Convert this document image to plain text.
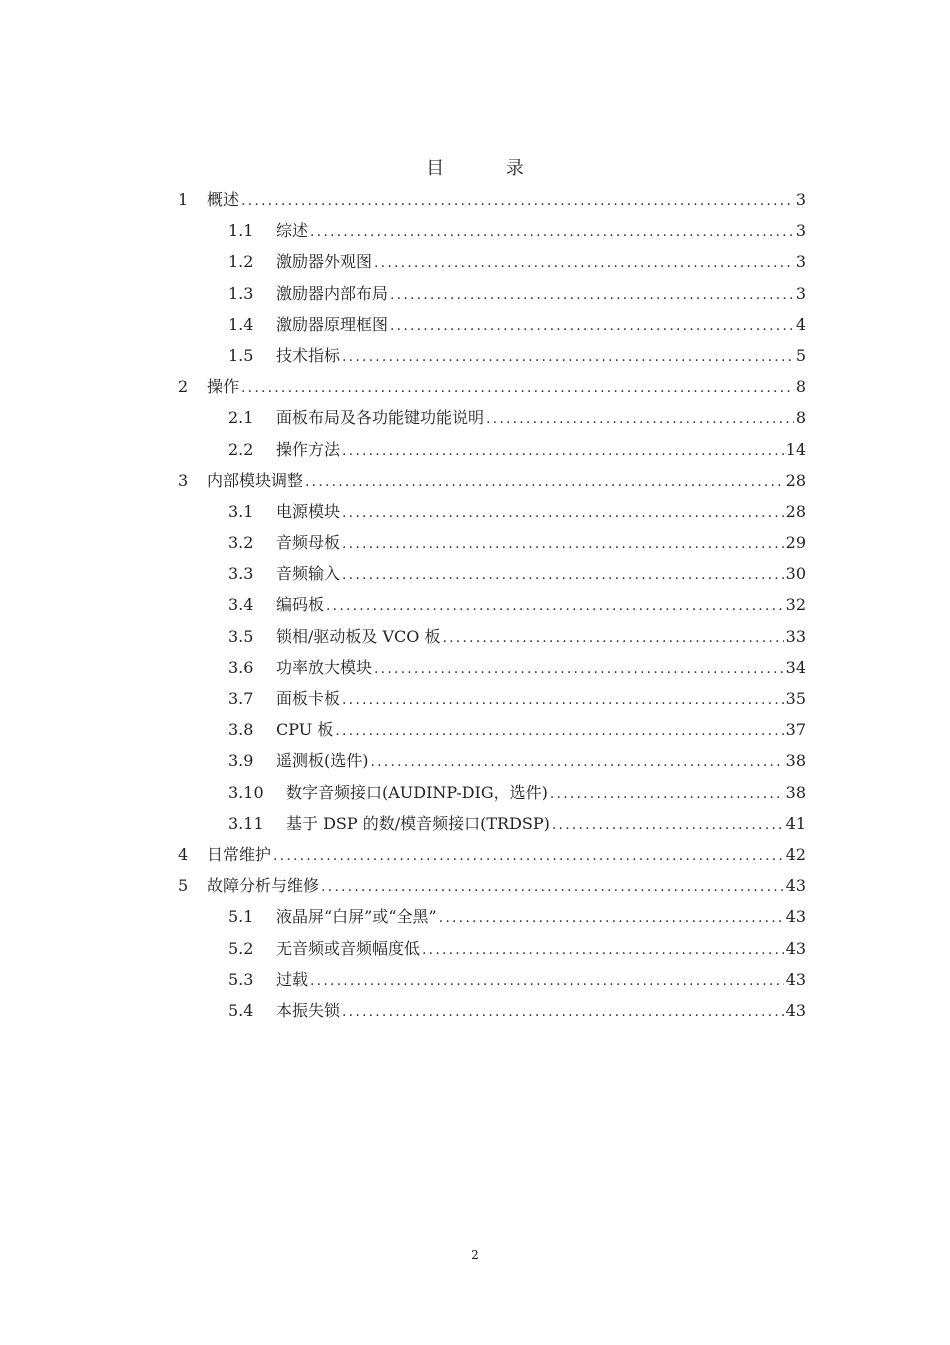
目 录
1	概述 .....	3
1.1	综述 .....	3
1.2	激励器外观图 .....	3
1.3	激励器内部布局 .....	3
1.4	激励器原理框图 .....	4
1.5	技术指标 .....	5
2	操作 .....	8
2.1	面板布局及各功能键功能说明 .....	8
2.2	操作方法 .....	14
3	内部模块调整 .....	28
3.1	电源模块 .....	28
3.2	音频母板 .....	29
3.3	音频输入 .....	30
3.4	编码板 .....	32
3.5	锁相/驱动板及 VCO 板 .....	33
3.6	功率放大模块 .....	34
3.7	面板卡板 .....	35
3.8	CPU 板 .....	37
3.9	遥测板(选件) .....	38
3.10	数字音频接口(AUDINP-DIG，选件) .....	38
3.11	基于 DSP 的数/模音频接口(TRDSP) .....	41
4	日常维护 .....	42
5	故障分析与维修 .....	43
5.1	液晶屏“白屏”或“全黑” .....	43
5.2	无音频或音频幅度低 .....	43
5.3	过载 .....	43
5.4	本振失锁 .....	43
2
